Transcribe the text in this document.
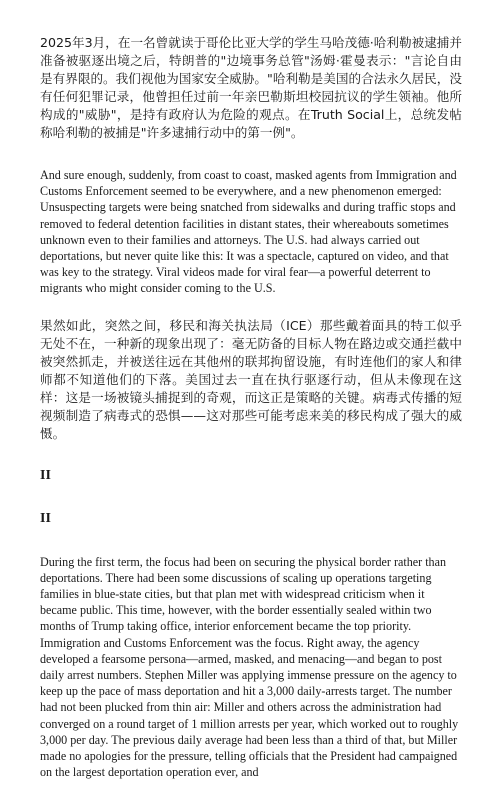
2025年3月，在一名曾就读于哥伦比亚大学的学生马哈茂德·哈利勒被逮捕并准备被驱逐出境之后，特朗普的"边境事务总管"汤姆·霍曼表示："言论自由是有界限的。我们视他为国家安全威胁。"哈利勒是美国的合法永久居民，没有任何犯罪记录，他曾担任过前一年亲巴勒斯坦校园抗议的学生领袖。他所构成的"威胁"，是持有政府认为危险的观点。在Truth Social上，总统发帖称哈利勒的被捕是"许多逮捕行动中的第一例"。

And sure enough, suddenly, from coast to coast, masked agents from Immigration and Customs Enforcement seemed to be everywhere, and a new phenomenon emerged: Unsuspecting targets were being snatched from sidewalks and during traffic stops and removed to federal detention facilities in distant states, their whereabouts sometimes unknown even to their families and attorneys. The U.S. had always carried out deportations, but never quite like this: It was a spectacle, captured on video, and that was key to the strategy. Viral videos made for viral fear—a powerful deterrent to migrants who might consider coming to the U.S.

果然如此，突然之间，移民和海关执法局（ICE）那些戴着面具的特工似乎无处不在，一种新的现象出现了：毫无防备的目标人物在路边或交通拦截中被突然抓走，并被送往远在其他州的联邦拘留设施，有时连他们的家人和律师都不知道他们的下落。美国过去一直在执行驱逐行动，但从未像现在这样：这是一场被镜头捕捉到的奇观，而这正是策略的关键。病毒式传播的短视频制造了病毒式的恐惧——这对那些可能考虑来美的移民构成了强大的威慑。

II
II

During the first term, the focus had been on securing the physical border rather than deportations. There had been some discussions of scaling up operations targeting families in blue-state cities, but that plan met with widespread criticism when it became public. This time, however, with the border essentially sealed within two months of Trump taking office, interior enforcement became the top priority. Immigration and Customs Enforcement was the focus. Right away, the agency developed a fearsome persona—armed, masked, and menacing—and began to post daily arrest numbers. Stephen Miller was applying immense pressure on the agency to keep up the pace of mass deportation and hit a 3,000 daily-arrests target. The number had not been plucked from thin air: Miller and others across the administration had converged on a round target of 1 million arrests per year, which worked out to roughly 3,000 per day. The previous daily average had been less than a third of that, but Miller made no apologies for the pressure, telling officials that the President had campaigned on the largest deportation operation ever, and
